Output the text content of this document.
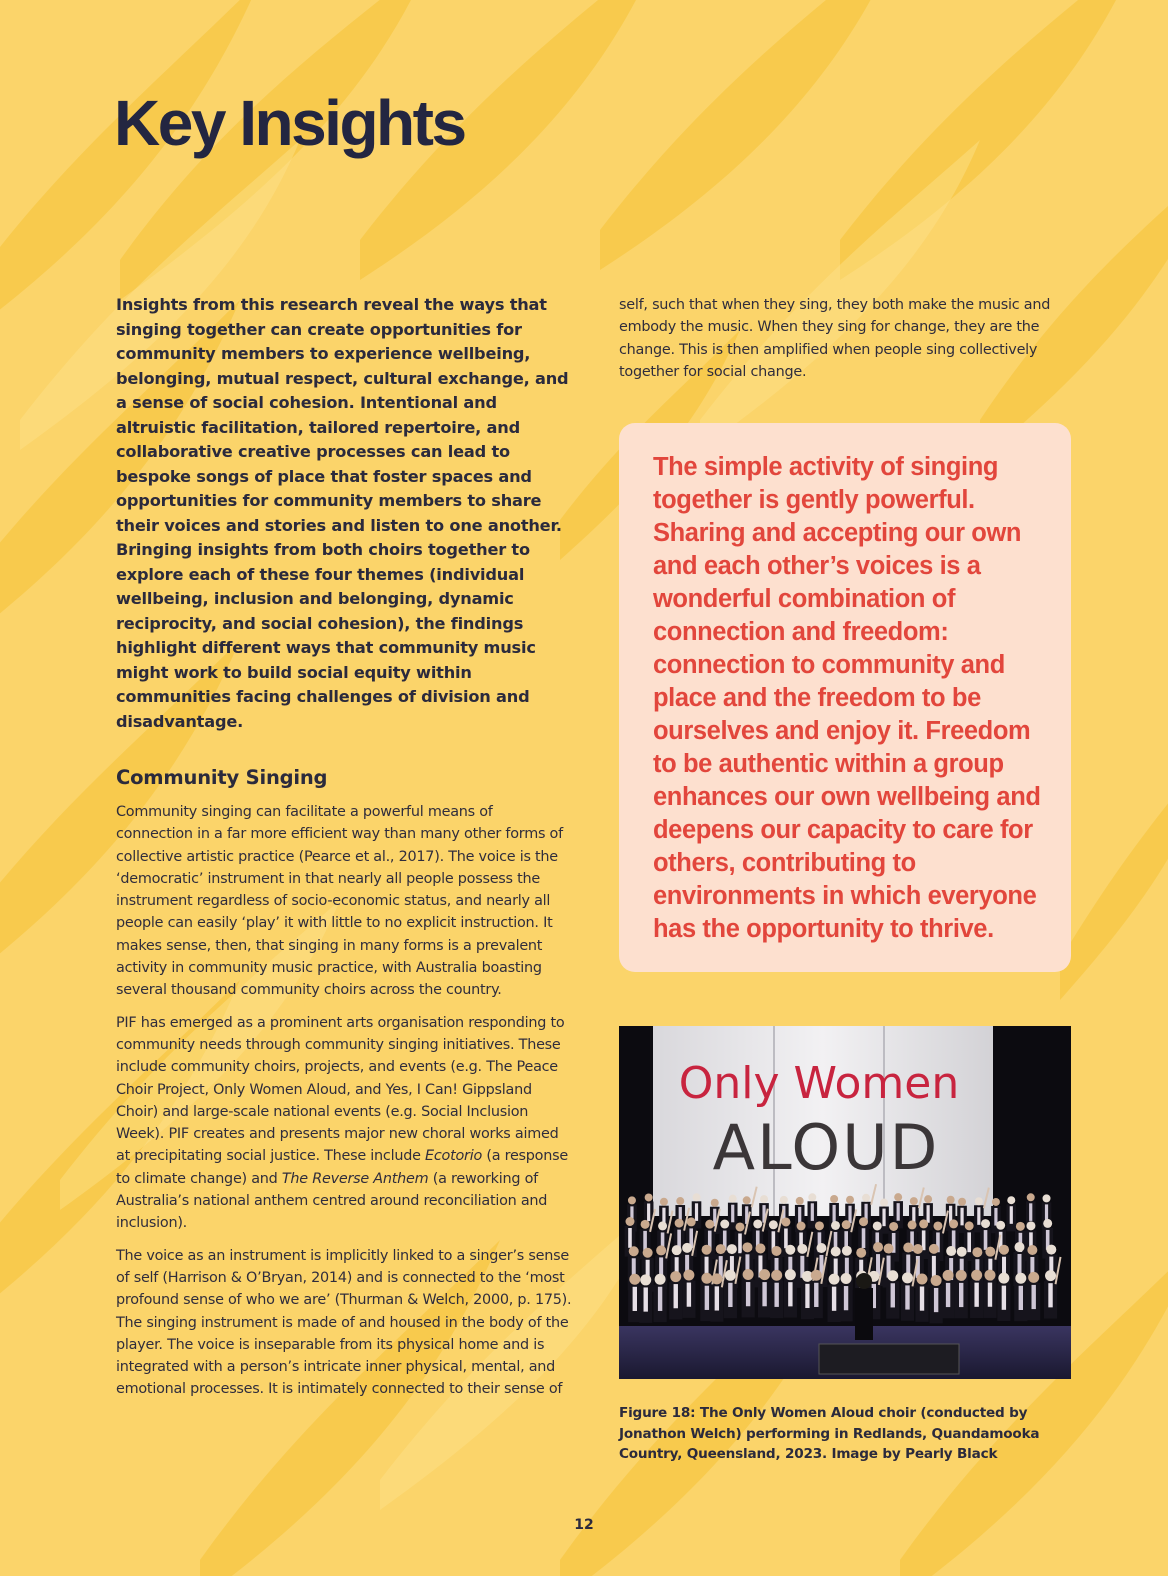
Key Insights

Insights from this research reveal the ways that singing together can create opportunities for community members to experience wellbeing, belonging, mutual respect, cultural exchange, and a sense of social cohesion. Intentional and altruistic facilitation, tailored repertoire, and collaborative creative processes can lead to bespoke songs of place that foster spaces and opportunities for community members to share their voices and stories and listen to one another. Bringing insights from both choirs together to explore each of these four themes (individual wellbeing, inclusion and belonging, dynamic reciprocity, and social cohesion), the findings highlight different ways that community music might work to build social equity within communities facing challenges of division and disadvantage.

Community Singing

Community singing can facilitate a powerful means of connection in a far more efficient way than many other forms of collective artistic practice (Pearce et al., 2017). The voice is the ‘democratic’ instrument in that nearly all people possess the instrument regardless of socio-economic status, and nearly all people can easily ‘play’ it with little to no explicit instruction. It makes sense, then, that singing in many forms is a prevalent activity in community music practice, with Australia boasting several thousand community choirs across the country.

PIF has emerged as a prominent arts organisation responding to community needs through community singing initiatives. These include community choirs, projects, and events (e.g. The Peace Choir Project, Only Women Aloud, and Yes, I Can! Gippsland Choir) and large-scale national events (e.g. Social Inclusion Week). PIF creates and presents major new choral works aimed at precipitating social justice. These include Ecotorio (a response to climate change) and The Reverse Anthem (a reworking of Australia’s national anthem centred around reconciliation and inclusion).

The voice as an instrument is implicitly linked to a singer’s sense of self (Harrison & O’Bryan, 2014) and is connected to the ‘most profound sense of who we are’ (Thurman & Welch, 2000, p. 175). The singing instrument is made of and housed in the body of the player. The voice is inseparable from its physical home and is integrated with a person’s intricate inner physical, mental, and emotional processes. It is intimately connected to their sense of

self, such that when they sing, they both make the music and embody the music. When they sing for change, they are the change. This is then amplified when people sing collectively together for social change.

The simple activity of singing together is gently powerful. Sharing and accepting our own and each other’s voices is a wonderful combination of connection and freedom: connection to community and place and the freedom to be ourselves and enjoy it. Freedom to be authentic within a group enhances our own wellbeing and deepens our capacity to care for others, contributing to environments in which everyone has the opportunity to thrive.

Only Women
ALOUD

Figure 18: The Only Women Aloud choir (conducted by Jonathon Welch) performing in Redlands, Quandamooka Country, Queensland, 2023. Image by Pearly Black

12
